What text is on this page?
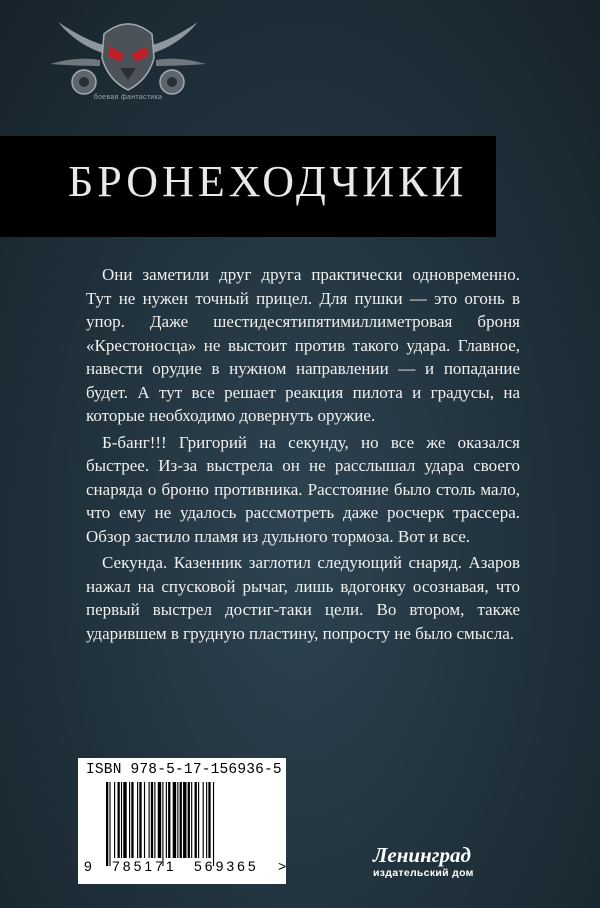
боевая фантастика
БРОНЕХОДЧИКИ

Они заметили друг друга практически одновременно. Тут не нужен точный прицел. Для пушки — это огонь в упор. Даже шестидесятипятимиллиметровая броня «Крестоносца» не выстоит против такого удара. Главное, навести орудие в нужном направлении — и попадание будет. А тут все решает реакция пилота и градусы, на которые необходимо довернуть оружие.

Б-банг!!! Григорий на секунду, но все же оказался быстрее. Из-за выстрела он не расслышал удара своего снаряда о броню противника. Расстояние было столь мало, что ему не удалось рассмотреть даже росчерк трассера. Обзор застило пламя из дульного тормоза. Вот и все.

Секунда. Казенник заглотил следующий снаряд. Азаров нажал на спусковой рычаг, лишь вдогонку осознавая, что первый выстрел достиг-таки цели. Во втором, также ударившем в грудную пластину, попросту не было смысла.

ISBN 978-5-17-156936-5
9 785171 569365 >	Ленинград
издательский дом
